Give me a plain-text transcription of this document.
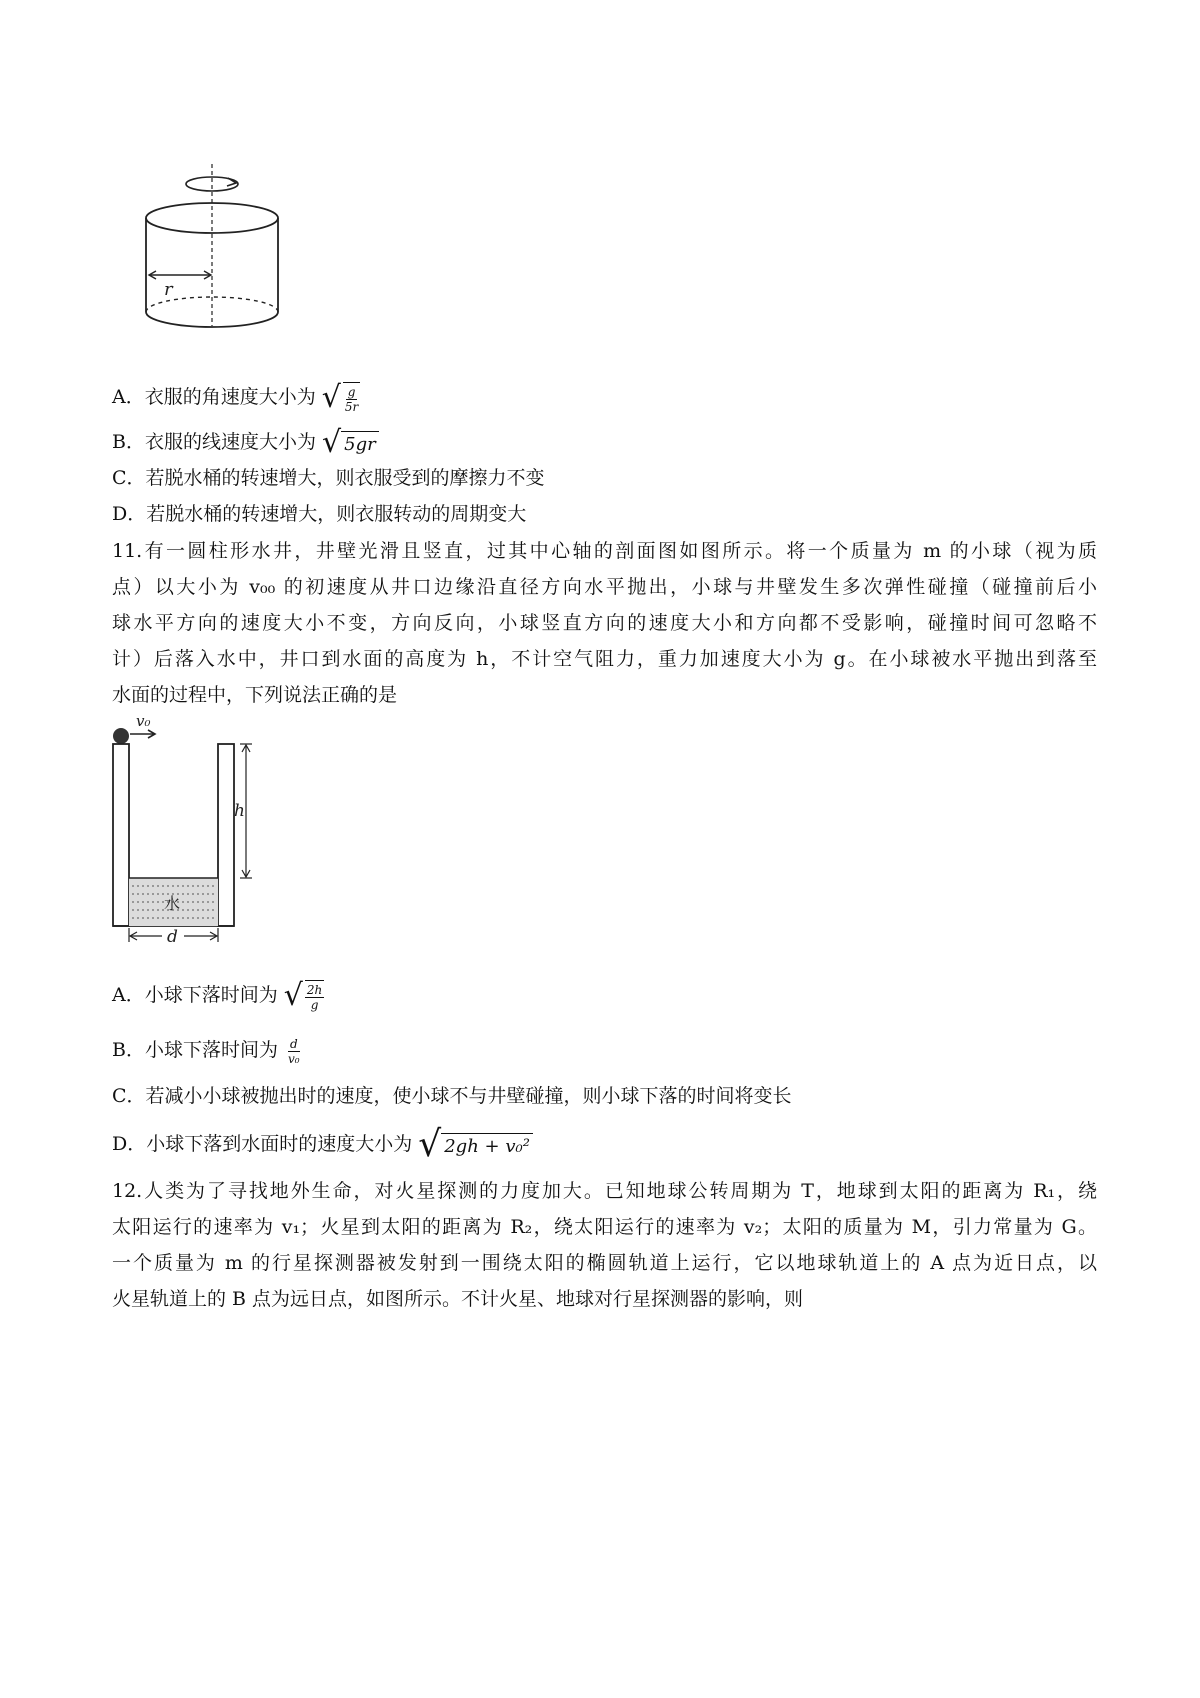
r
A．衣服的角速度大小为 √ $\frac{g}{5r}$
B．衣服的线速度大小为 √ 5gr
C．若脱水桶的转速增大，则衣服受到的摩擦力不变
D．若脱水桶的转速增大，则衣服转动的周期变大
11.有一圆柱形水井，井壁光滑且竖直，过其中心轴的剖面图如图所示。将一个质量为 m 的小球（视为质
点）以大小为 v₀₀ 的初速度从井口边缘沿直径方向水平抛出，小球与井壁发生多次弹性碰撞（碰撞前后小
球水平方向的速度大小不变，方向反向，小球竖直方向的速度大小和方向都不受影响，碰撞时间可忽略不
计）后落入水中，井口到水面的高度为 h，不计空气阻力，重力加速度大小为 g。在小球被水平抛出到落至
水面的过程中，下列说法正确的是
v₀
水
h
d
A．小球下落时间为 √ $\frac{2h}{g}$
B．小球下落时间为 $\frac{d}{\text{v₀}}$
C．若减小小球被抛出时的速度，使小球不与井壁碰撞，则小球下落的时间将变长
D．小球下落到水面时的速度大小为 √ 2gh + v₀²
12.人类为了寻找地外生命，对火星探测的力度加大。已知地球公转周期为 T，地球到太阳的距离为 R₁，绕
太阳运行的速率为 v₁；火星到太阳的距离为 R₂，绕太阳运行的速率为 v₂；太阳的质量为 M，引力常量为 G。
一个质量为 m 的行星探测器被发射到一围绕太阳的椭圆轨道上运行，它以地球轨道上的 A 点为近日点，以
火星轨道上的 B 点为远日点，如图所示。不计火星、地球对行星探测器的影响，则
